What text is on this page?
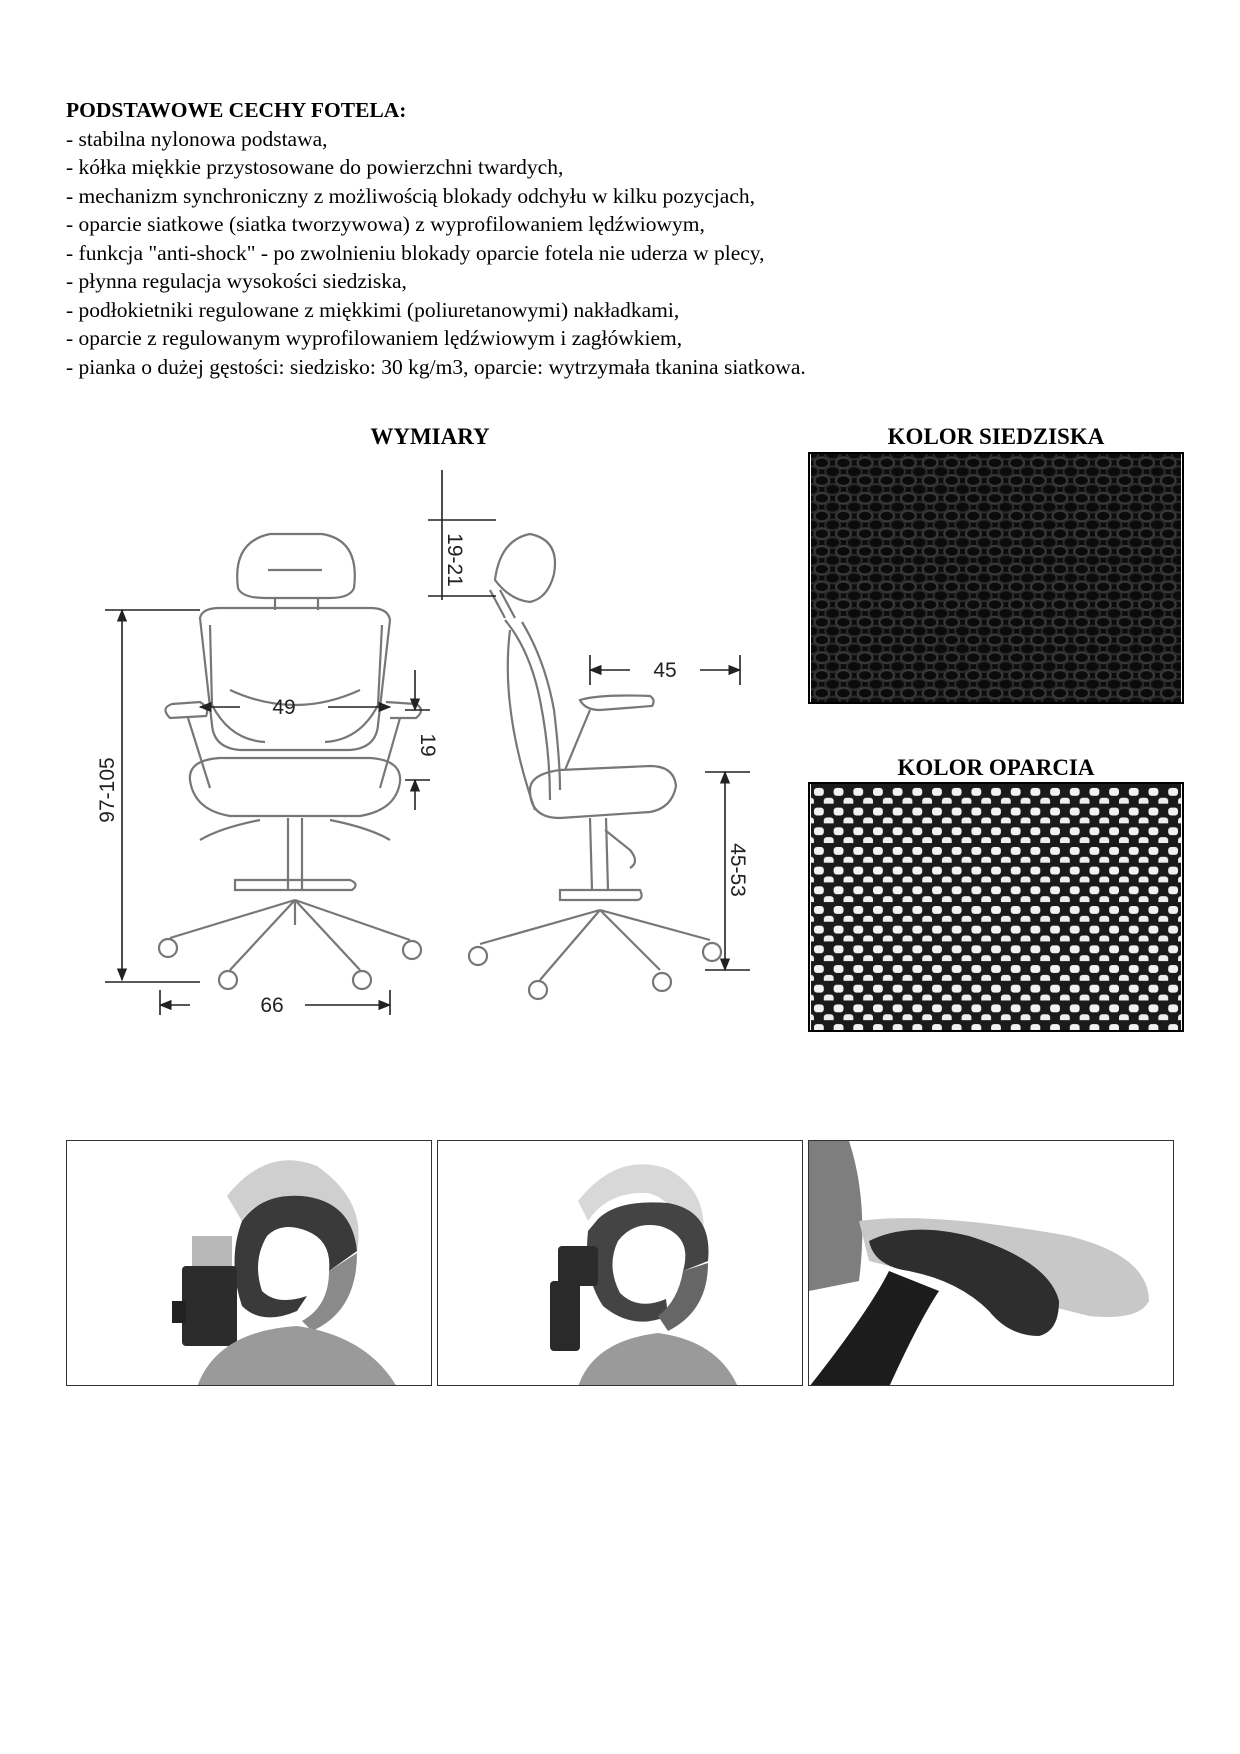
PODSTAWOWE CECHY FOTELA:
- stabilna nylonowa podstawa,
- kółka miękkie przystosowane do powierzchni twardych,
- mechanizm synchroniczny z możliwością blokady odchyłu w kilku pozycjach,
- oparcie siatkowe (siatka tworzywowa) z wyprofilowaniem lędźwiowym,
- funkcja "anti-shock" - po zwolnieniu blokady oparcie fotela nie uderza w plecy,
- płynna regulacja wysokości siedziska,
- podłokietniki regulowane z miękkimi (poliuretanowymi) nakładkami,
- oparcie z regulowanym wyprofilowaniem lędźwiowym i zagłówkiem,
- pianka o dużej gęstości: siedzisko: 30 kg/m3, oparcie: wytrzymała tkanina siatkowa.
WYMIARY	KOLOR SIEDZISKA
KOLOR OPARCIA
97-105
19-21
19
49
66
45
45-53
